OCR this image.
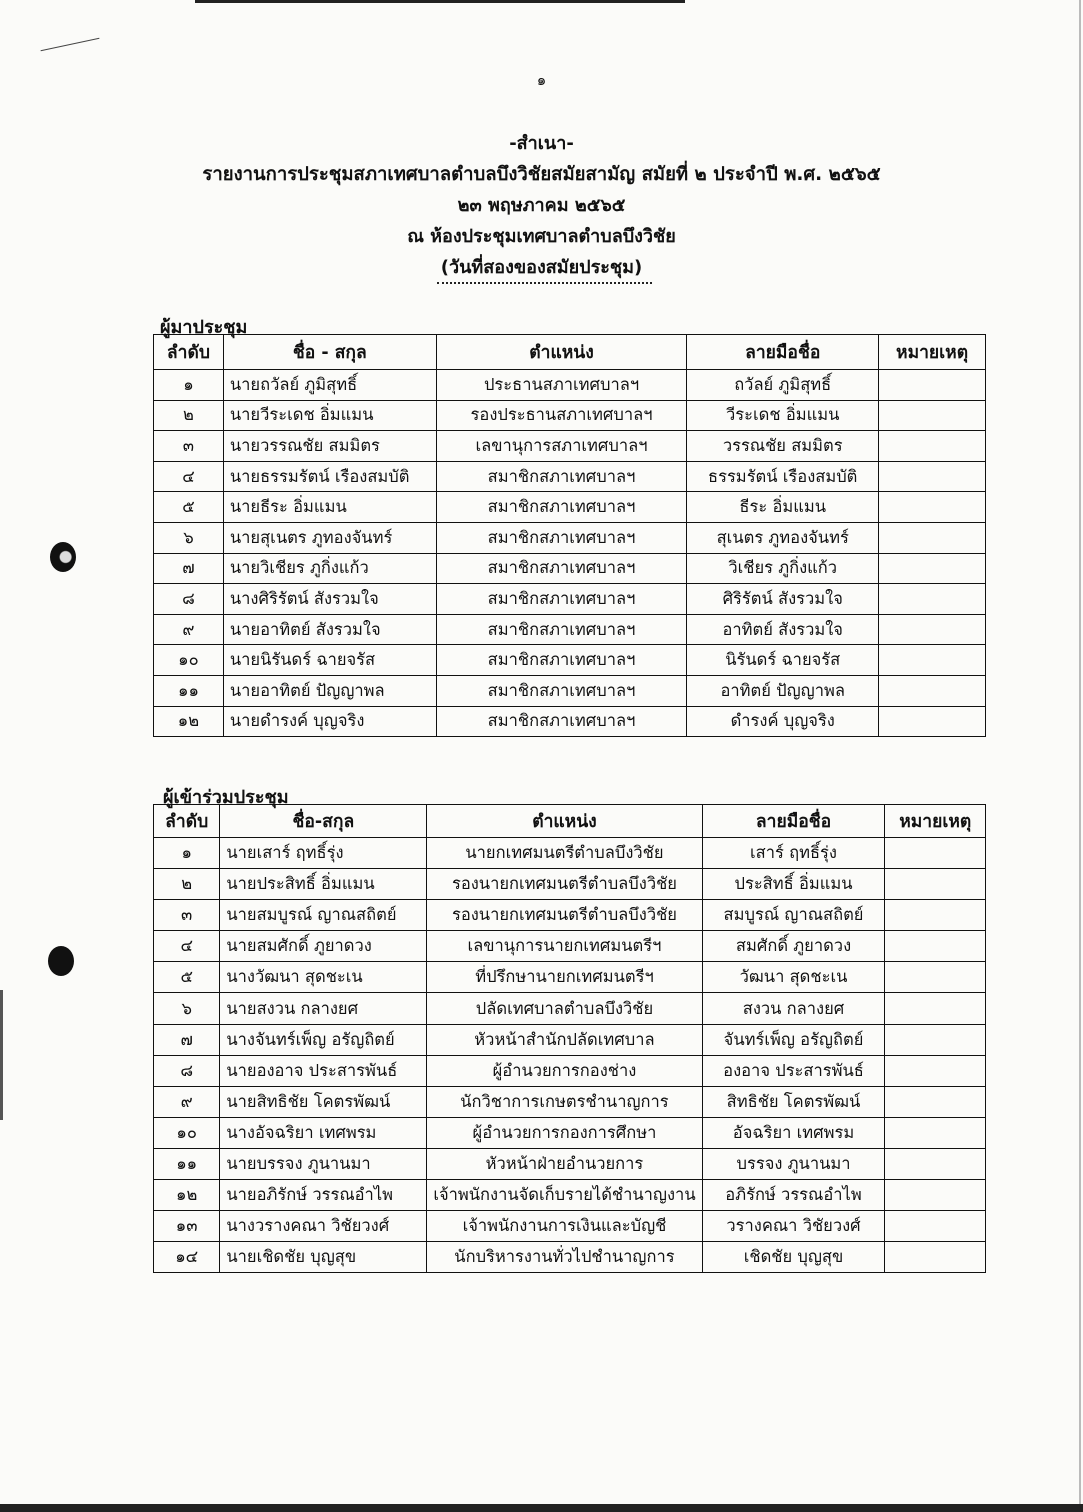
๑
-สำเนา-
รายงานการประชุมสภาเทศบาลตำบลบึงวิชัยสมัยสามัญ สมัยที่ ๒ ประจำปี พ.ศ. ๒๕๖๕
๒๓ พฤษภาคม ๒๕๖๕
ณ ห้องประชุมเทศบาลตำบลบึงวิชัย
(วันที่สองของสมัยประชุม)
ผู้มาประชุม
ลำดับ	ชื่อ - สกุล	ตำแหน่ง	ลายมือชื่อ	หมายเหตุ
๑	นายถวัลย์ ภูมิสุทธิ์	ประธานสภาเทศบาลฯ	ถวัลย์ ภูมิสุทธิ์	
๒	นายวีระเดช อิ่มแมน	รองประธานสภาเทศบาลฯ	วีระเดช อิ่มแมน	
๓	นายวรรณชัย สมมิตร	เลขานุการสภาเทศบาลฯ	วรรณชัย สมมิตร	
๔	นายธรรมรัตน์ เรืองสมบัติ	สมาชิกสภาเทศบาลฯ	ธรรมรัตน์ เรืองสมบัติ	
๕	นายธีระ อิ่มแมน	สมาชิกสภาเทศบาลฯ	ธีระ อิ่มแมน	
๖	นายสุเนตร ภูทองจันทร์	สมาชิกสภาเทศบาลฯ	สุเนตร ภูทองจันทร์	
๗	นายวิเชียร ภูกิ่งแก้ว	สมาชิกสภาเทศบาลฯ	วิเชียร ภูกิ่งแก้ว	
๘	นางศิริรัตน์ สังรวมใจ	สมาชิกสภาเทศบาลฯ	ศิริรัตน์ สังรวมใจ	
๙	นายอาทิตย์ สังรวมใจ	สมาชิกสภาเทศบาลฯ	อาทิตย์ สังรวมใจ	
๑๐	นายนิรันดร์ ฉายจรัส	สมาชิกสภาเทศบาลฯ	นิรันดร์ ฉายจรัส	
๑๑	นายอาทิตย์ ปัญญาพล	สมาชิกสภาเทศบาลฯ	อาทิตย์ ปัญญาพล	
๑๒	นายดำรงค์ บุญจริง	สมาชิกสภาเทศบาลฯ	ดำรงค์ บุญจริง	
ผู้เข้าร่วมประชุม
ลำดับ	ชื่อ-สกุล	ตำแหน่ง	ลายมือชื่อ	หมายเหตุ
๑	นายเสาร์ ฤทธิ์รุ่ง	นายกเทศมนตรีตำบลบึงวิชัย	เสาร์ ฤทธิ์รุ่ง	
๒	นายประสิทธิ์ อิ่มแมน	รองนายกเทศมนตรีตำบลบึงวิชัย	ประสิทธิ์ อิ่มแมน	
๓	นายสมบูรณ์ ญาณสถิตย์	รองนายกเทศมนตรีตำบลบึงวิชัย	สมบูรณ์ ญาณสถิตย์	
๔	นายสมศักดิ์ ภูยาดวง	เลขานุการนายกเทศมนตรีฯ	สมศักดิ์ ภูยาดวง	
๕	นางวัฒนา สุดชะเน	ที่ปรึกษานายกเทศมนตรีฯ	วัฒนา สุดชะเน	
๖	นายสงวน กลางยศ	ปลัดเทศบาลตำบลบึงวิชัย	สงวน กลางยศ	
๗	นางจันทร์เพ็ญ อรัญถิตย์	หัวหน้าสำนักปลัดเทศบาล	จันทร์เพ็ญ อรัญถิตย์	
๘	นายองอาจ ประสารพันธ์	ผู้อำนวยการกองช่าง	องอาจ ประสารพันธ์	
๙	นายสิทธิชัย โคตรพัฒน์	นักวิชาการเกษตรชำนาญการ	สิทธิชัย โคตรพัฒน์	
๑๐	นางอัจฉริยา เทศพรม	ผู้อำนวยการกองการศึกษา	อัจฉริยา เทศพรม	
๑๑	นายบรรจง ภูนานมา	หัวหน้าฝ่ายอำนวยการ	บรรจง ภูนานมา	
๑๒	นายอภิรักษ์ วรรณอำไพ	เจ้าพนักงานจัดเก็บรายได้ชำนาญงาน	อภิรักษ์ วรรณอำไพ	
๑๓	นางวรางคณา วิชัยวงศ์	เจ้าพนักงานการเงินและบัญชี	วรางคณา วิชัยวงศ์	
๑๔	นายเชิดชัย บุญสุข	นักบริหารงานทั่วไปชำนาญการ	เชิดชัย บุญสุข	
